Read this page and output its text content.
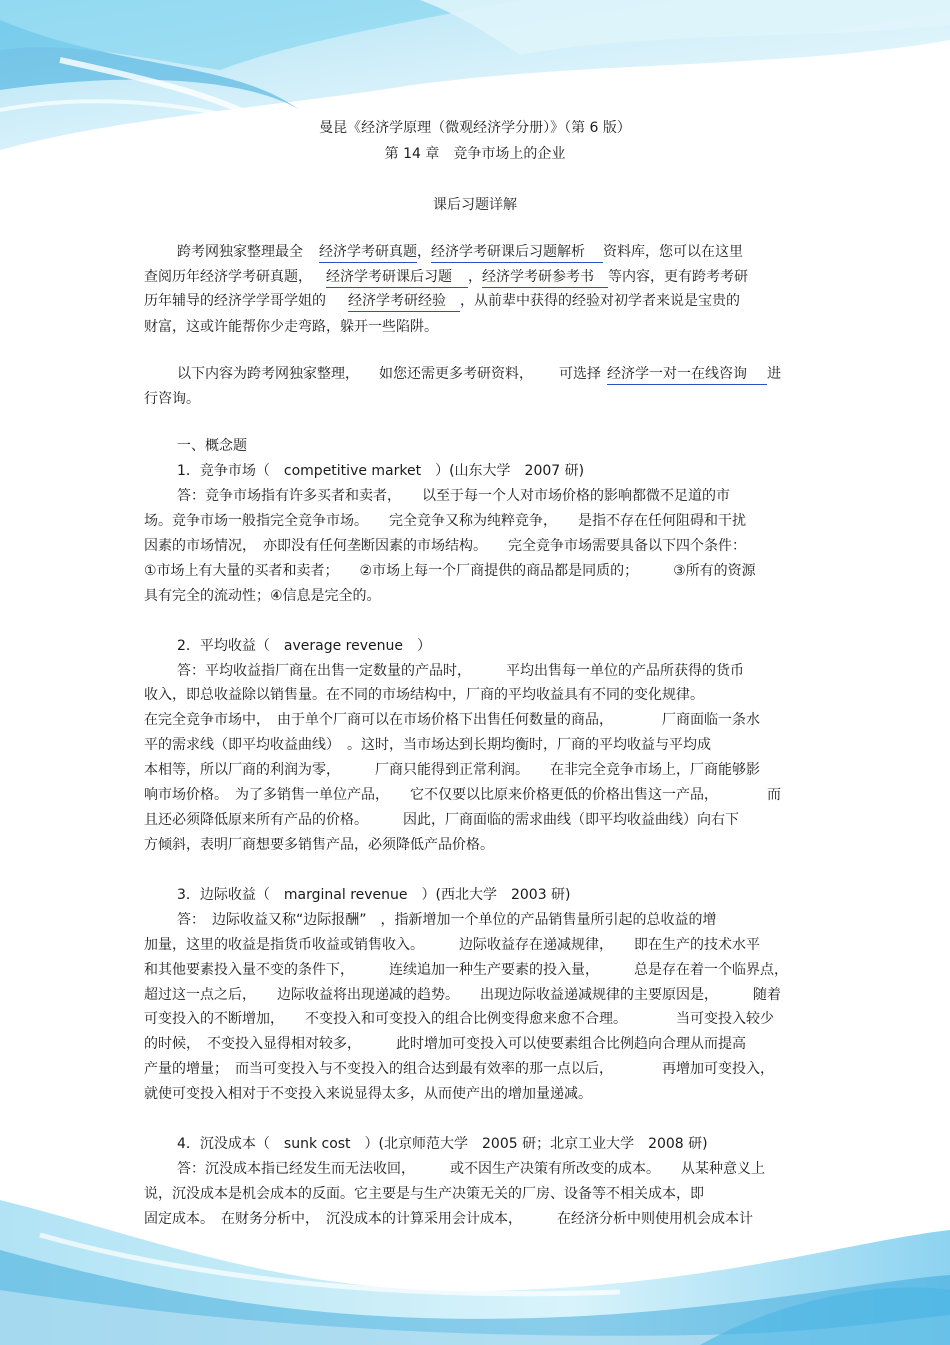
曼昆《经济学原理（微观经济学分册）》（第 6 版）
第 14 章　竞争市场上的企业
课后习题详解
跨考网独家整理最全 经济学考研真题，经济学考研课后习题解析 资料库，您可以在这里
查阅历年经济学考研真题， 经济学考研课后习题 ，经济学考研参考书 等内容，更有跨考考研
历年辅导的经济学学哥学姐的 经济学考研经验 ，从前辈中获得的经验对初学者来说是宝贵的
财富，这或许能帮你少走弯路，躲开一些陷阱。
以下内容为跨考网独家整理， 如您还需更多考研资料， 可选择 经济学一对一在线咨询 进
行咨询。
一、概念题
1．竞争市场（　competitive market　）(山东大学　2007 研)
答：竞争市场指有许多买者和卖者，　　以至于每一个人对市场价格的影响都微不足道的市
场。竞争市场一般指完全竞争市场。　　完全竞争又称为纯粹竞争，　　是指不存在任何阻碍和干扰
因素的市场情况，　亦即没有任何垄断因素的市场结构。　　完全竞争市场需要具备以下四个条件：
①市场上有大量的买者和卖者；　　②市场上每一个厂商提供的商品都是同质的；　　　③所有的资源
具有完全的流动性；④信息是完全的。
2．平均收益（　average revenue　）
答：平均收益指厂商在出售一定数量的产品时，　　　平均出售每一单位的产品所获得的货币
收入，即总收益除以销售量。在不同的市场结构中，厂商的平均收益具有不同的变化规律。
在完全竞争市场中，　由于单个厂商可以在市场价格下出售任何数量的商品，　　　　厂商面临一条水
平的需求线（即平均收益曲线）　。这时，当市场达到长期均衡时，厂商的平均收益与平均成
本相等，所以厂商的利润为零，　　　厂商只能得到正常利润。　　在非完全竞争市场上，厂商能够影
响市场价格。　为了多销售一单位产品，　　它不仅要以比原来价格更低的价格出售这一产品，　　　　而
且还必须降低原来所有产品的价格。　　　因此，厂商面临的需求曲线（即平均收益曲线）向右下
方倾斜，表明厂商想要多销售产品，必须降低产品价格。
3．边际收益（　marginal revenue　）(西北大学　2003 研)
答：　边际收益又称“边际报酬”　，指新增加一个单位的产品销售量所引起的总收益的增
加量，这里的收益是指货币收益或销售收入。　　　边际收益存在递减规律，　　即在生产的技术水平
和其他要素投入量不变的条件下，　　　连续追加一种生产要素的投入量，　　　总是存在着一个临界点，
超过这一点之后，　　边际收益将出现递减的趋势。　　出现边际收益递减规律的主要原因是，　　　随着
可变投入的不断增加，　　不变投入和可变投入的组合比例变得愈来愈不合理。　　　　当可变投入较少
的时候，　不变投入显得相对较多，　　　此时增加可变投入可以使要素组合比例趋向合理从而提高
产量的增量；　而当可变投入与不变投入的组合达到最有效率的那一点以后，　　　　再增加可变投入，
就使可变投入相对于不变投入来说显得太多，从而使产出的增加量递减。
4．沉没成本（　sunk cost　）(北京师范大学　2005 研；北京工业大学　2008 研)
答：沉没成本指已经发生而无法收回，　　　或不因生产决策有所改变的成本。　　从某种意义上
说，沉没成本是机会成本的反面。它主要是与生产决策无关的厂房、设备等不相关成本，即
固定成本。　在财务分析中，　沉没成本的计算采用会计成本，　　　在经济分析中则使用机会成本计
